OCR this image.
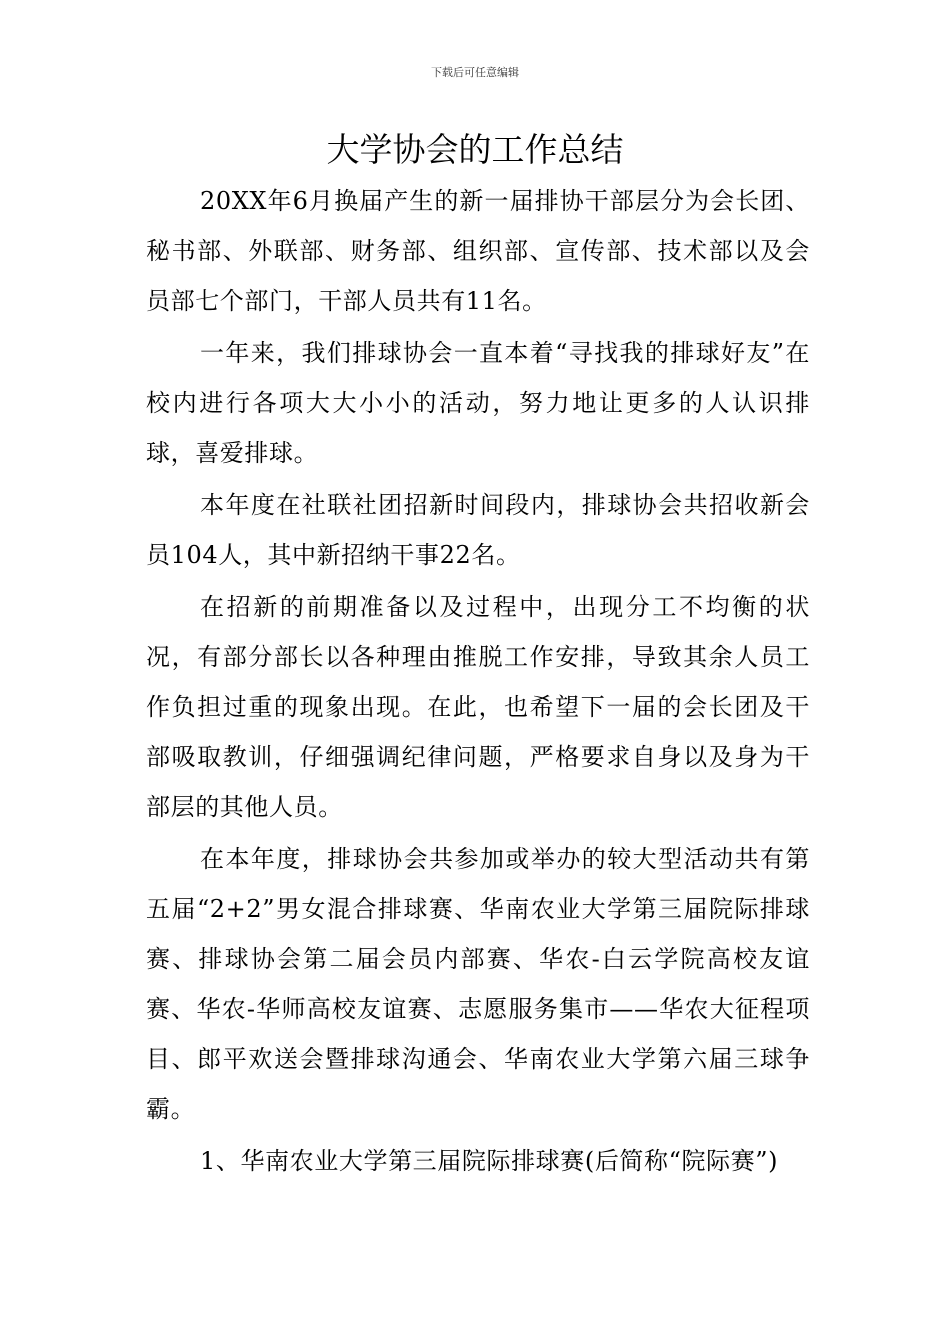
下载后可任意编辑
大学协会的工作总结

20XX年6月换届产生的新一届排协干部层分为会长团、秘书部、外联部、财务部、组织部、宣传部、技术部以及会员部七个部门，干部人员共有11名。

一年来，我们排球协会一直本着“寻找我的排球好友”在校内进行各项大大小小的活动，努力地让更多的人认识排球，喜爱排球。

本年度在社联社团招新时间段内，排球协会共招收新会员104人，其中新招纳干事22名。

在招新的前期准备以及过程中，出现分工不均衡的状况，有部分部长以各种理由推脱工作安排，导致其余人员工作负担过重的现象出现。在此，也希望下一届的会长团及干部吸取教训，仔细强调纪律问题，严格要求自身以及身为干部层的其他人员。

在本年度，排球协会共参加或举办的较大型活动共有第五届“2+2”男女混合排球赛、华南农业大学第三届院际排球赛、排球协会第二届会员内部赛、华农-白云学院高校友谊赛、华农-华师高校友谊赛、志愿服务集市——华农大征程项目、郎平欢送会暨排球沟通会、华南农业大学第六届三球争霸。

1、华南农业大学第三届院际排球赛(后简称“院际赛”)
